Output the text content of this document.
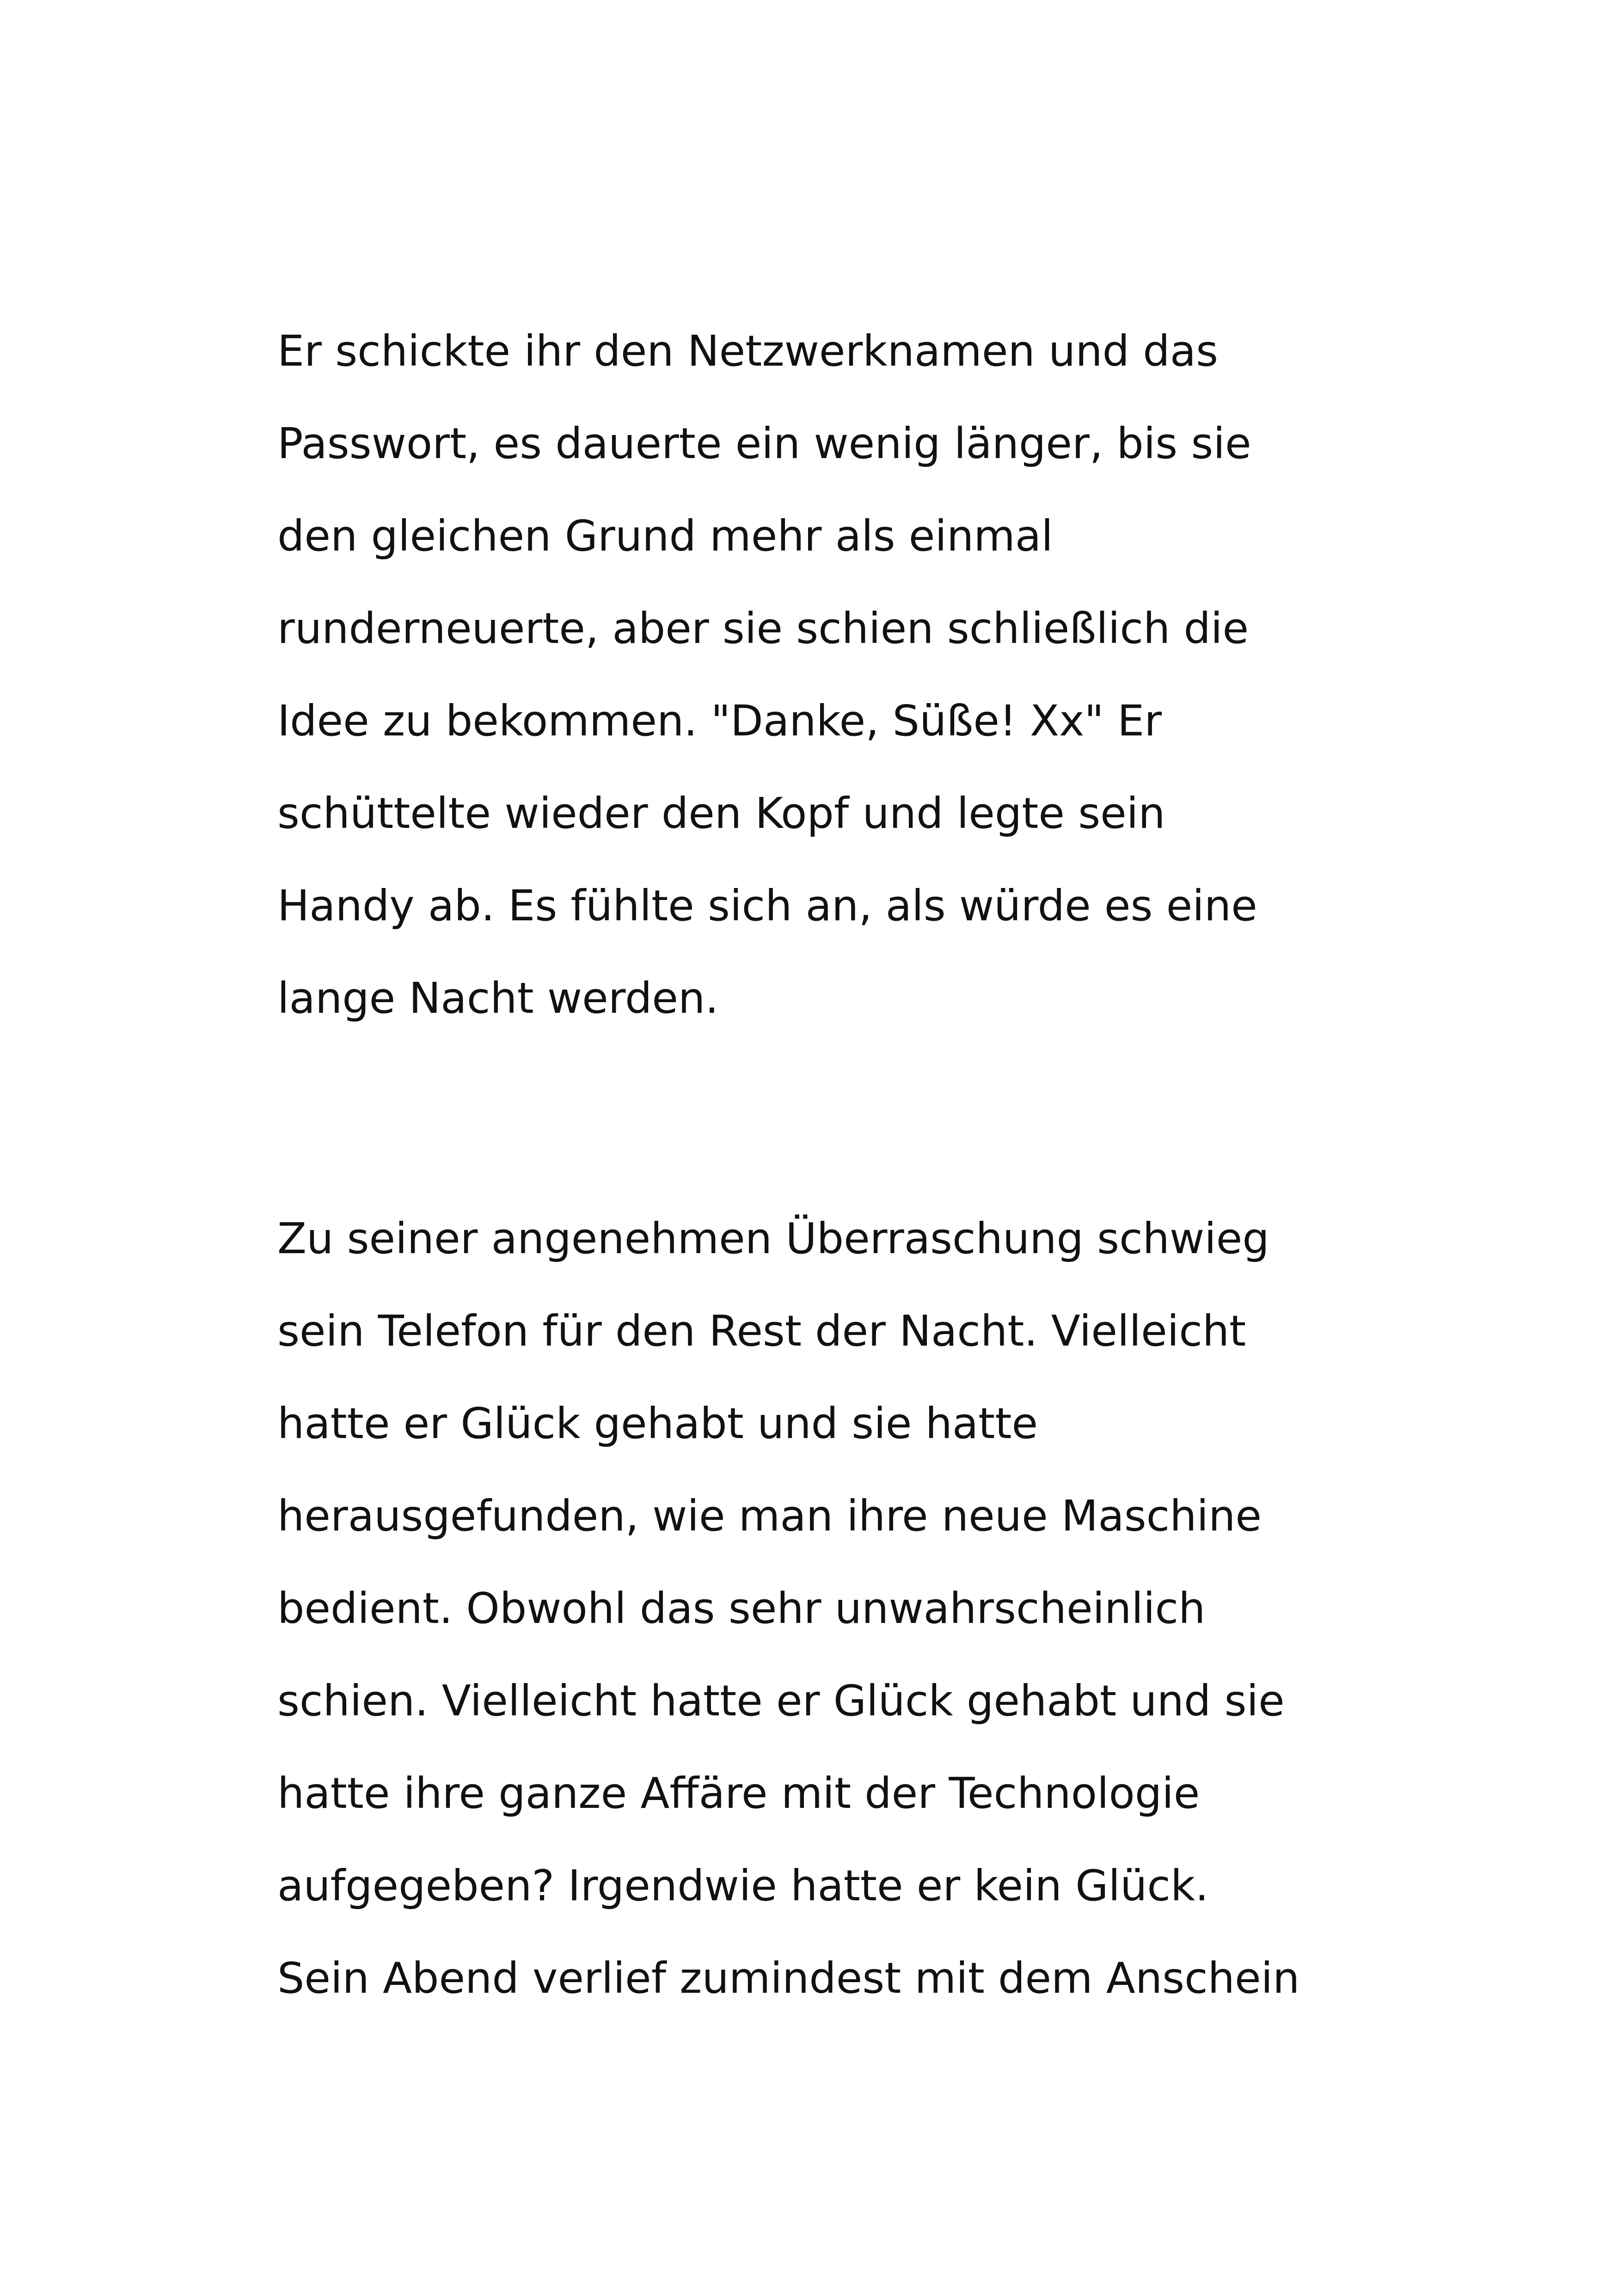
Er schickte ihr den Netzwerknamen und das
Passwort, es dauerte ein wenig länger, bis sie
den gleichen Grund mehr als einmal
runderneuerte, aber sie schien schließlich die
Idee zu bekommen. "Danke, Süße! Xx" Er
schüttelte wieder den Kopf und legte sein
Handy ab. Es fühlte sich an, als würde es eine
lange Nacht werden.

Zu seiner angenehmen Überraschung schwieg
sein Telefon für den Rest der Nacht. Vielleicht
hatte er Glück gehabt und sie hatte
herausgefunden, wie man ihre neue Maschine
bedient. Obwohl das sehr unwahrscheinlich
schien. Vielleicht hatte er Glück gehabt und sie
hatte ihre ganze Affäre mit der Technologie
aufgegeben? Irgendwie hatte er kein Glück.
Sein Abend verlief zumindest mit dem Anschein
